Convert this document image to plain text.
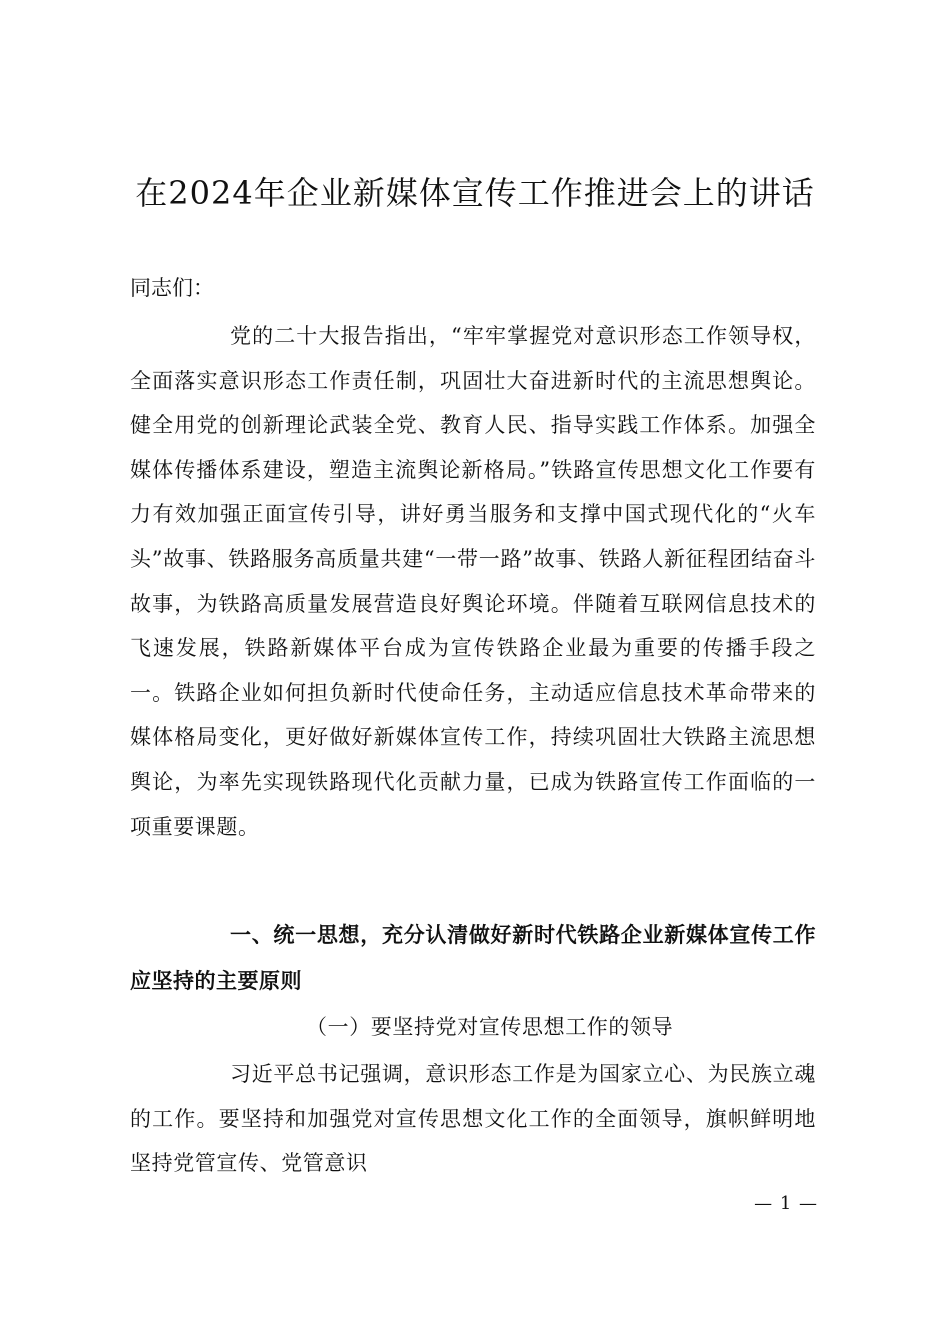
在2024年企业新媒体宣传工作推进会上的讲话

同志们：

党的二十大报告指出，“牢牢掌握党对意识形态工作领导权，全面落实意识形态工作责任制，巩固壮大奋进新时代的主流思想舆论。健全用党的创新理论武装全党、教育人民、指导实践工作体系。加强全媒体传播体系建设，塑造主流舆论新格局。”铁路宣传思想文化工作要有力有效加强正面宣传引导，讲好勇当服务和支撑中国式现代化的“火车头”故事、铁路服务高质量共建“一带一路”故事、铁路人新征程团结奋斗故事，为铁路高质量发展营造良好舆论环境。伴随着互联网信息技术的飞速发展，铁路新媒体平台成为宣传铁路企业最为重要的传播手段之一。铁路企业如何担负新时代使命任务，主动适应信息技术革命带来的媒体格局变化，更好做好新媒体宣传工作，持续巩固壮大铁路主流思想舆论，为率先实现铁路现代化贡献力量，已成为铁路宣传工作面临的一项重要课题。

一、统一思想，充分认清做好新时代铁路企业新媒体宣传工作应坚持的主要原则

（一）要坚持党对宣传思想工作的领导

习近平总书记强调，意识形态工作是为国家立心、为民族立魂的工作。要坚持和加强党对宣传思想文化工作的全面领导，旗帜鲜明地坚持党管宣传、党管意识

— 1 —
